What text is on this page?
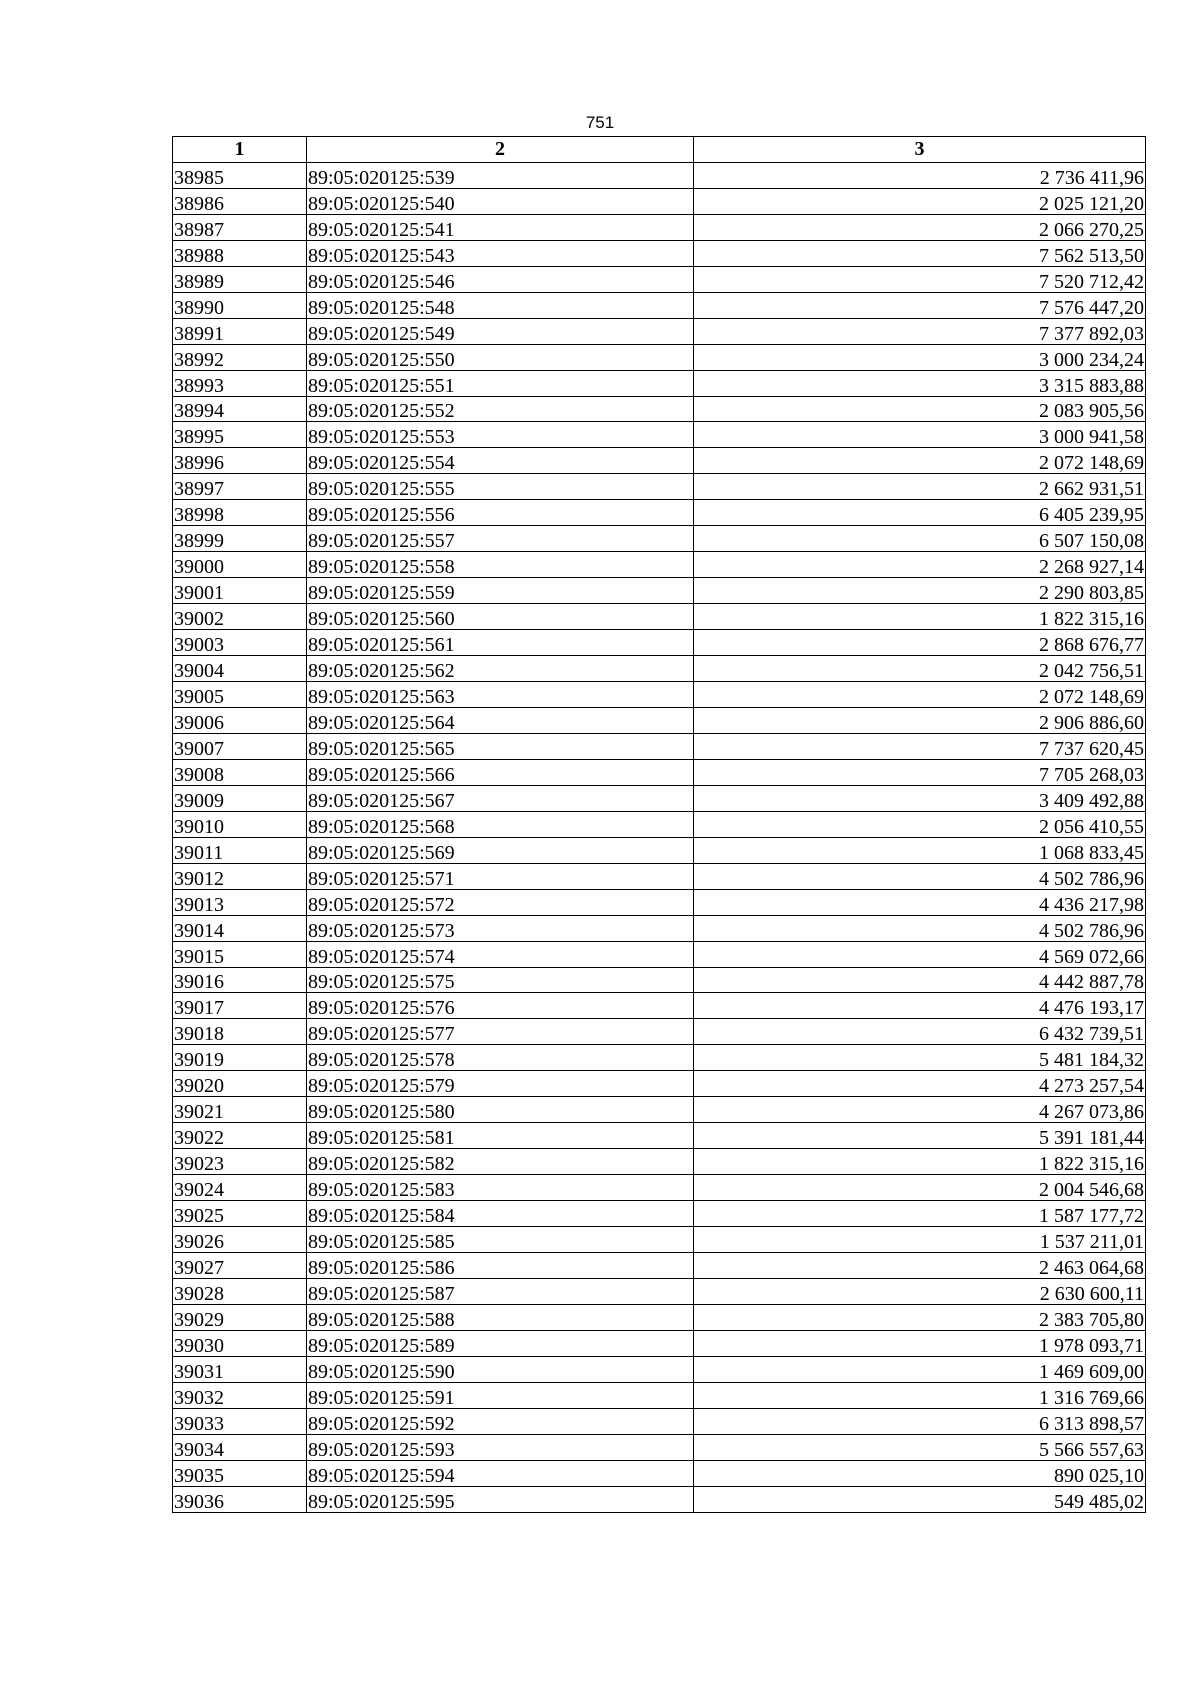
751
1	2	3
38985	89:05:020125:539	2 736 411,96
38986	89:05:020125:540	2 025 121,20
38987	89:05:020125:541	2 066 270,25
38988	89:05:020125:543	7 562 513,50
38989	89:05:020125:546	7 520 712,42
38990	89:05:020125:548	7 576 447,20
38991	89:05:020125:549	7 377 892,03
38992	89:05:020125:550	3 000 234,24
38993	89:05:020125:551	3 315 883,88
38994	89:05:020125:552	2 083 905,56
38995	89:05:020125:553	3 000 941,58
38996	89:05:020125:554	2 072 148,69
38997	89:05:020125:555	2 662 931,51
38998	89:05:020125:556	6 405 239,95
38999	89:05:020125:557	6 507 150,08
39000	89:05:020125:558	2 268 927,14
39001	89:05:020125:559	2 290 803,85
39002	89:05:020125:560	1 822 315,16
39003	89:05:020125:561	2 868 676,77
39004	89:05:020125:562	2 042 756,51
39005	89:05:020125:563	2 072 148,69
39006	89:05:020125:564	2 906 886,60
39007	89:05:020125:565	7 737 620,45
39008	89:05:020125:566	7 705 268,03
39009	89:05:020125:567	3 409 492,88
39010	89:05:020125:568	2 056 410,55
39011	89:05:020125:569	1 068 833,45
39012	89:05:020125:571	4 502 786,96
39013	89:05:020125:572	4 436 217,98
39014	89:05:020125:573	4 502 786,96
39015	89:05:020125:574	4 569 072,66
39016	89:05:020125:575	4 442 887,78
39017	89:05:020125:576	4 476 193,17
39018	89:05:020125:577	6 432 739,51
39019	89:05:020125:578	5 481 184,32
39020	89:05:020125:579	4 273 257,54
39021	89:05:020125:580	4 267 073,86
39022	89:05:020125:581	5 391 181,44
39023	89:05:020125:582	1 822 315,16
39024	89:05:020125:583	2 004 546,68
39025	89:05:020125:584	1 587 177,72
39026	89:05:020125:585	1 537 211,01
39027	89:05:020125:586	2 463 064,68
39028	89:05:020125:587	2 630 600,11
39029	89:05:020125:588	2 383 705,80
39030	89:05:020125:589	1 978 093,71
39031	89:05:020125:590	1 469 609,00
39032	89:05:020125:591	1 316 769,66
39033	89:05:020125:592	6 313 898,57
39034	89:05:020125:593	5 566 557,63
39035	89:05:020125:594	890 025,10
39036	89:05:020125:595	549 485,02
